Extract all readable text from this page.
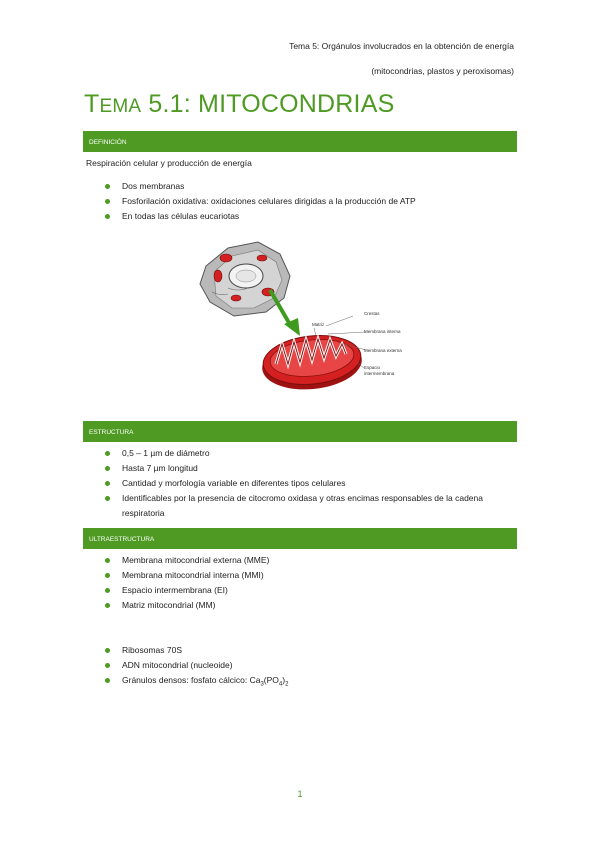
Tema 5: Orgánulos involucrados en la obtención de energía
(mitocondrias, plastos y peroxisomas)
TEMA 5.1: MITOCONDRIAS
DEFINICIÓN
Respiración celular y producción de energía
Dos membranas
Fosforilación oxidativa: oxidaciones celulares dirigidas a la producción de ATP
En todas las células eucariotas
Crestas
Matriz
Membrana interna
Membrana externa
Espacio
intermembrana
ESTRUCTURA
0,5 – 1 µm de diámetro
Hasta 7 µm longitud
Cantidad y morfología variable en diferentes tipos celulares
Identificables por la presencia de citocromo oxidasa y otras encimas responsables de la cadena respiratoria
ULTRAESTRUCTURA
Membrana mitocondrial externa (MME)
Membrana mitocondrial interna (MMI)
Espacio intermembrana (EI)
Matriz mitocondrial (MM)
Ribosomas 70S
ADN mitocondrial (nucleoide)
Gránulos densos: fosfato cálcico: $Ca_3(PO_4)_2$
1
